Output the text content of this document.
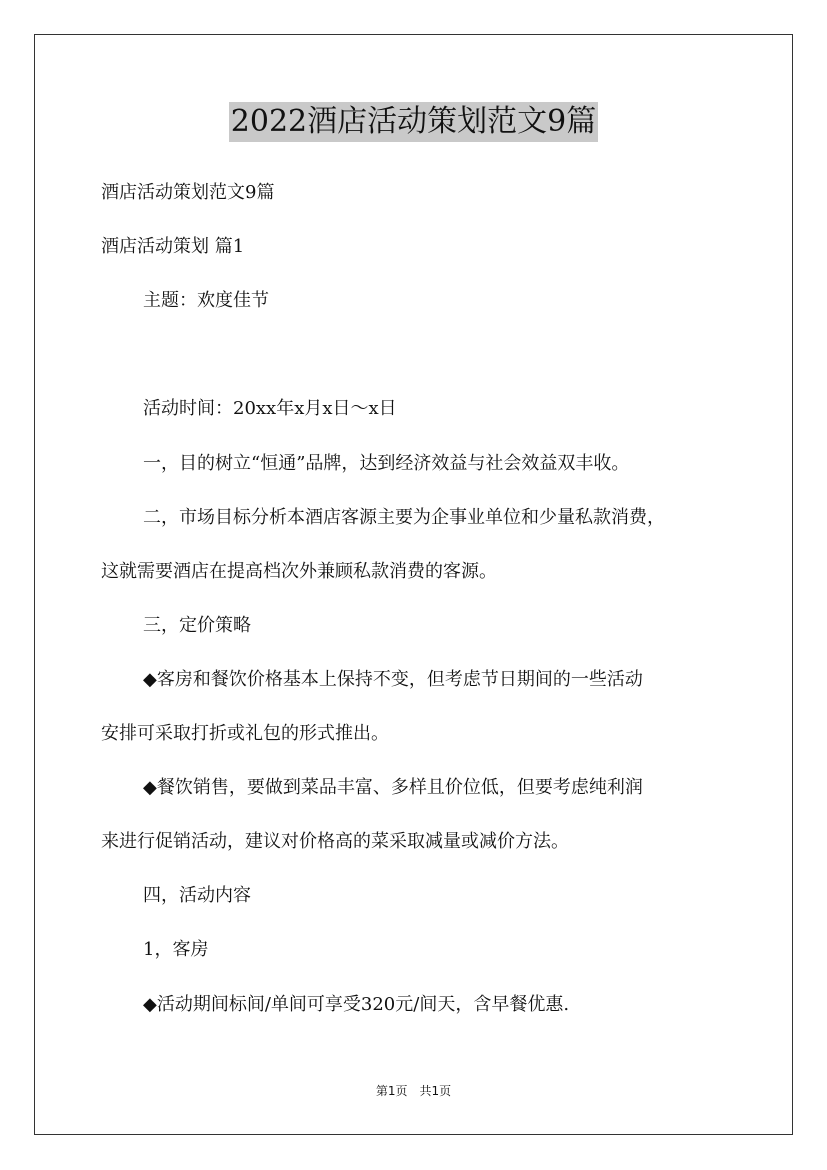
2022酒店活动策划范文9篇

酒店活动策划范文9篇

酒店活动策划 篇1

主题：欢度佳节

活动时间：20xx年x月x日～x日

一，目的树立“恒通”品牌，达到经济效益与社会效益双丰收。

二，市场目标分析本酒店客源主要为企事业单位和少量私款消费，

这就需要酒店在提高档次外兼顾私款消费的客源。

三，定价策略

◆客房和餐饮价格基本上保持不变，但考虑节日期间的一些活动

安排可采取打折或礼包的形式推出。

◆餐饮销售，要做到菜品丰富、多样且价位低，但要考虑纯利润

来进行促销活动，建议对价格高的菜采取减量或减价方法。

四，活动内容

1，客房

◆活动期间标间/单间可享受320元/间天，含早餐优惠.

第1页 共1页
